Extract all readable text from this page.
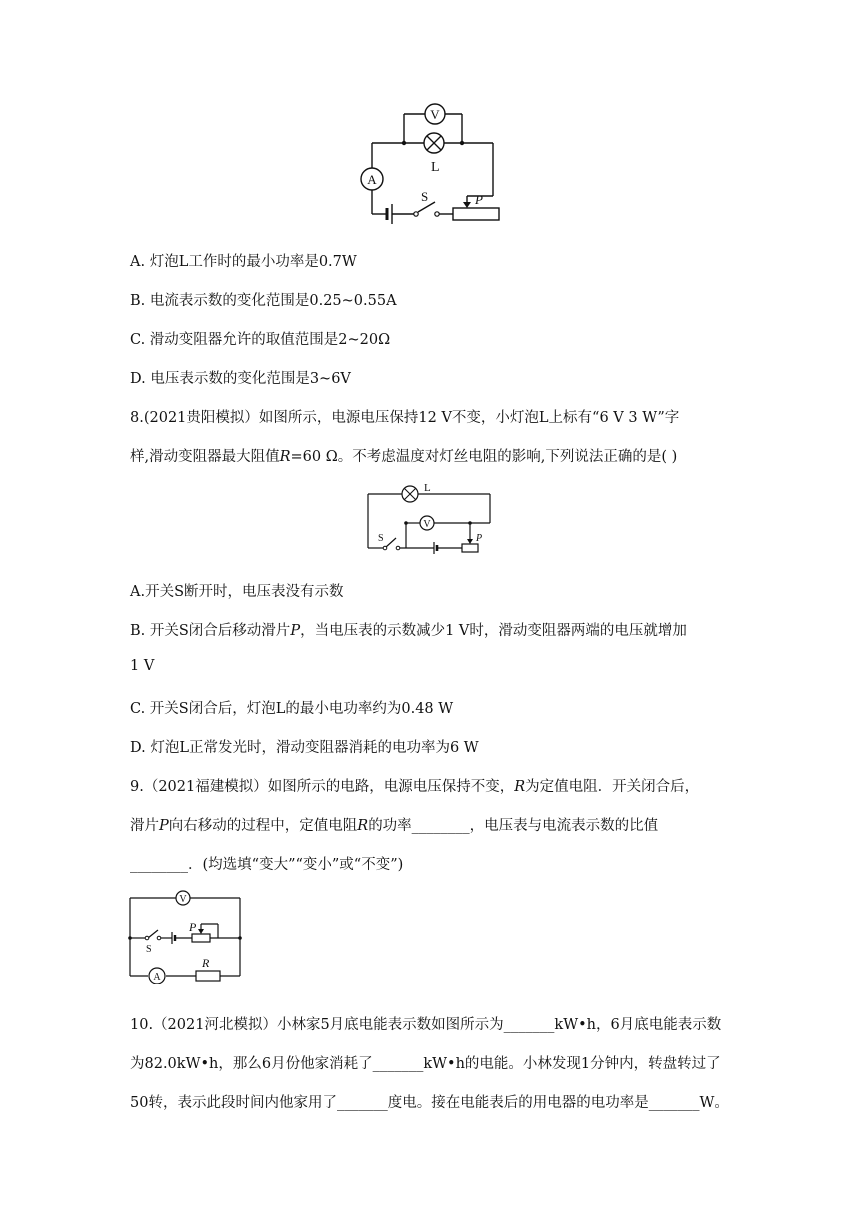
V
L
A
S	P
A. 灯泡L工作时的最小功率是0.7W
B. 电流表示数的变化范围是0.25~0.55A
C. 滑动变阻器允许的取值范围是2~20Ω
D. 电压表示数的变化范围是3~6V
8.(2021贵阳模拟）如图所示，电源电压保持12 V不变，小灯泡L上标有“6 V 3 W”字
样,滑动变阻器最大阻值R=60 Ω。不考虑温度对灯丝电阻的影响,下列说法正确的是( )
L
V
S	P
A.开关S断开时，电压表没有示数
B. 开关S闭合后移动滑片P，当电压表的示数减少1 V时，滑动变阻器两端的电压就增加
1 V
C. 开关S闭合后，灯泡L的最小电功率约为0.48 W
D. 灯泡L正常发光时，滑动变阻器消耗的电功率为6 W
9.（2021福建模拟）如图所示的电路，电源电压保持不变，R为定值电阻．开关闭合后，
滑片P向右移动的过程中，定值电阻R的功率________，电压表与电流表示数的比值
________．(均选填“变大”“变小”或“不变”)
V
A
S
P
R
10.（2021河北模拟）小林家5月底电能表示数如图所示为_______kW•h，6月底电能表示数
为82.0kW•h，那么6月份他家消耗了_______kW•h的电能。小林发现1分钟内，转盘转过了
50转，表示此段时间内他家用了_______度电。接在电能表后的用电器的电功率是_______W。
